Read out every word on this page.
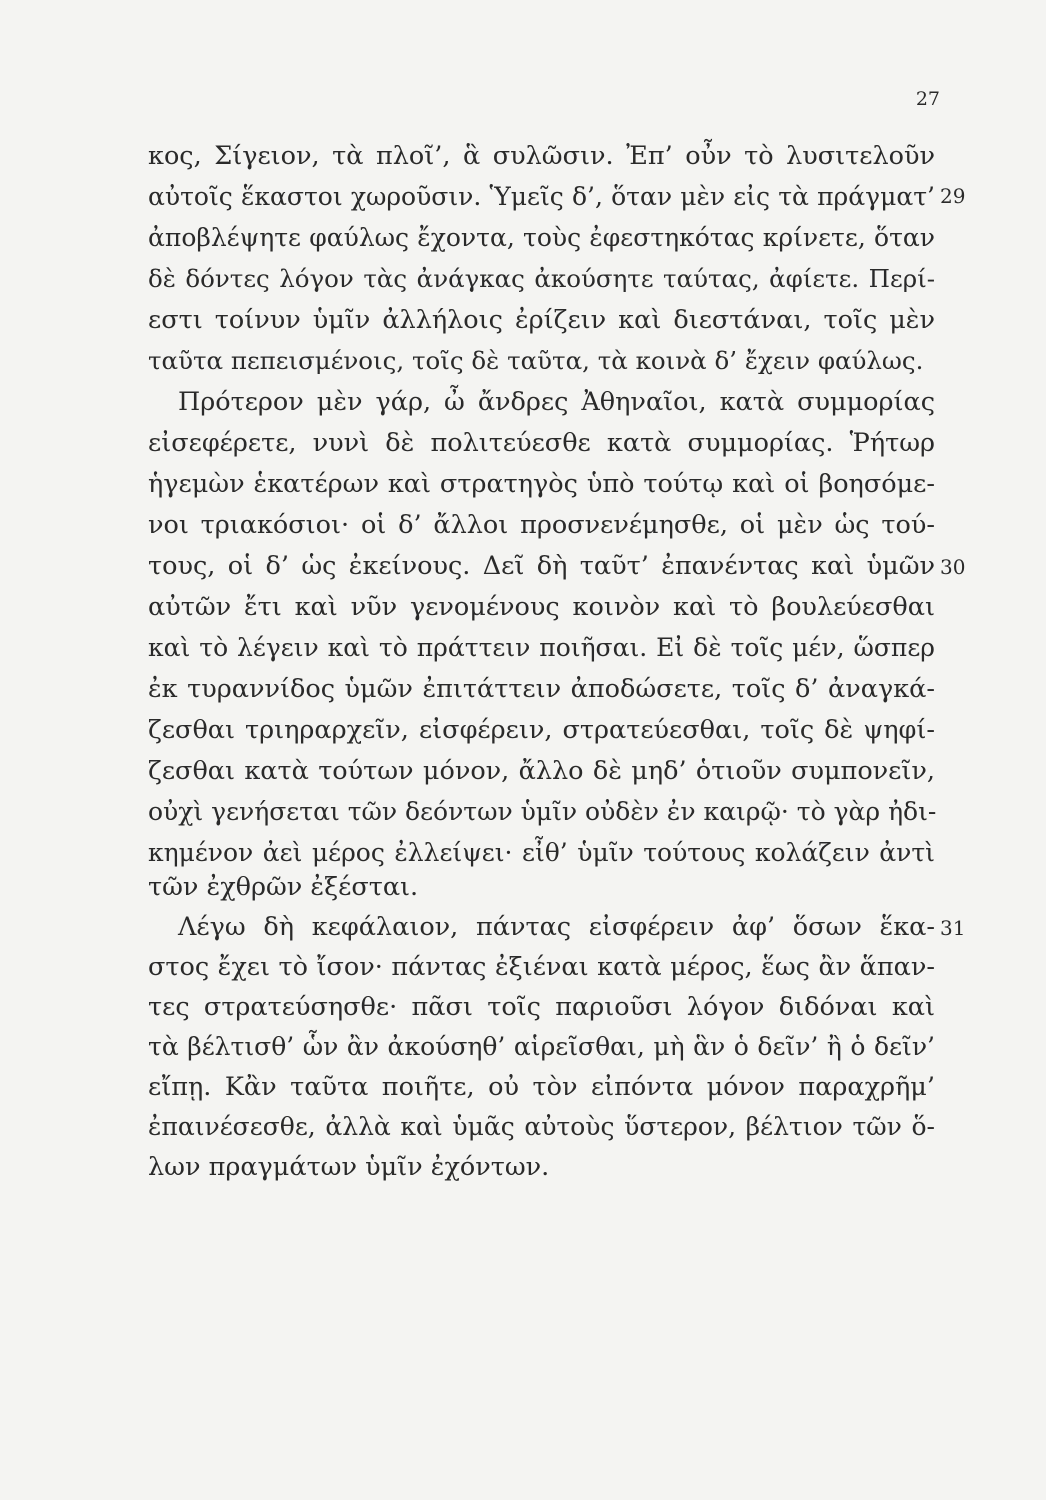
27
29
30
31
κος, Σίγειον, τὰ πλοῖ’, ἃ συλῶσιν. Ἐπ’ οὖν τὸ λυσιτελοῦν
αὐτοῖς ἕκαστοι χωροῦσιν. Ὑμεῖς δ’, ὅταν μὲν εἰς τὰ πράγματ’
ἀποβλέψητε φαύλως ἔχοντα, τοὺς ἐφεστηκότας κρίνετε, ὅταν
δὲ δόντες λόγον τὰς ἀνάγκας ἀκούσητε ταύτας, ἀφίετε. Περί-
εστι τοίνυν ὑμῖν ἀλλήλοις ἐρίζειν καὶ διεστάναι, τοῖς μὲν
ταῦτα πεπεισμένοις, τοῖς δὲ ταῦτα, τὰ κοινὰ δ’ ἔχειν φαύλως.
Πρότερον μὲν γάρ, ὦ ἄνδρες Ἀθηναῖοι, κατὰ συμμορίας
εἰσεφέρετε, νυνὶ δὲ πολιτεύεσθε κατὰ συμμορίας. Ῥήτωρ
ἡγεμὼν ἑκατέρων καὶ στρατηγὸς ὑπὸ τούτῳ καὶ οἱ βοησόμε-
νοι τριακόσιοι· οἱ δ’ ἄλλοι προσνενέμησθε, οἱ μὲν ὡς τού-
τους, οἱ δ’ ὡς ἐκείνους. Δεῖ δὴ ταῦτ’ ἐπανέντας καὶ ὑμῶν
αὐτῶν ἔτι καὶ νῦν γενομένους κοινὸν καὶ τὸ βουλεύεσθαι
καὶ τὸ λέγειν καὶ τὸ πράττειν ποιῆσαι. Εἰ δὲ τοῖς μέν, ὥσπερ
ἐκ τυραννίδος ὑμῶν ἐπιτάττειν ἀποδώσετε, τοῖς δ’ ἀναγκά-
ζεσθαι τριηραρχεῖν, εἰσφέρειν, στρατεύεσθαι, τοῖς δὲ ψηφί-
ζεσθαι κατὰ τούτων μόνον, ἄλλο δὲ μηδ’ ὁτιοῦν συμπονεῖν,
οὐχὶ γενήσεται τῶν δεόντων ὑμῖν οὐδὲν ἐν καιρῷ· τὸ γὰρ ἠδι-
κημένον ἀεὶ μέρος ἐλλείψει· εἶθ’ ὑμῖν τούτους κολάζειν ἀντὶ
τῶν ἐχθρῶν ἐξέσται.
Λέγω δὴ κεφάλαιον, πάντας εἰσφέρειν ἀφ’ ὅσων ἕκα-
στος ἔχει τὸ ἴσον· πάντας ἐξιέναι κατὰ μέρος, ἕως ἂν ἅπαν-
τες στρατεύσησθε· πᾶσι τοῖς παριοῦσι λόγον διδόναι καὶ
τὰ βέλτισθ’ ὧν ἂν ἀκούσηθ’ αἱρεῖσθαι, μὴ ἃν ὁ δεῖν’ ἢ ὁ δεῖν’
εἴπῃ. Κἂν ταῦτα ποιῆτε, οὐ τὸν εἰπόντα μόνον παραχρῆμ’
ἐπαινέσεσθε, ἀλλὰ καὶ ὑμᾶς αὐτοὺς ὕστερον, βέλτιον τῶν ὅ-
λων πραγμάτων ὑμῖν ἐχόντων.
